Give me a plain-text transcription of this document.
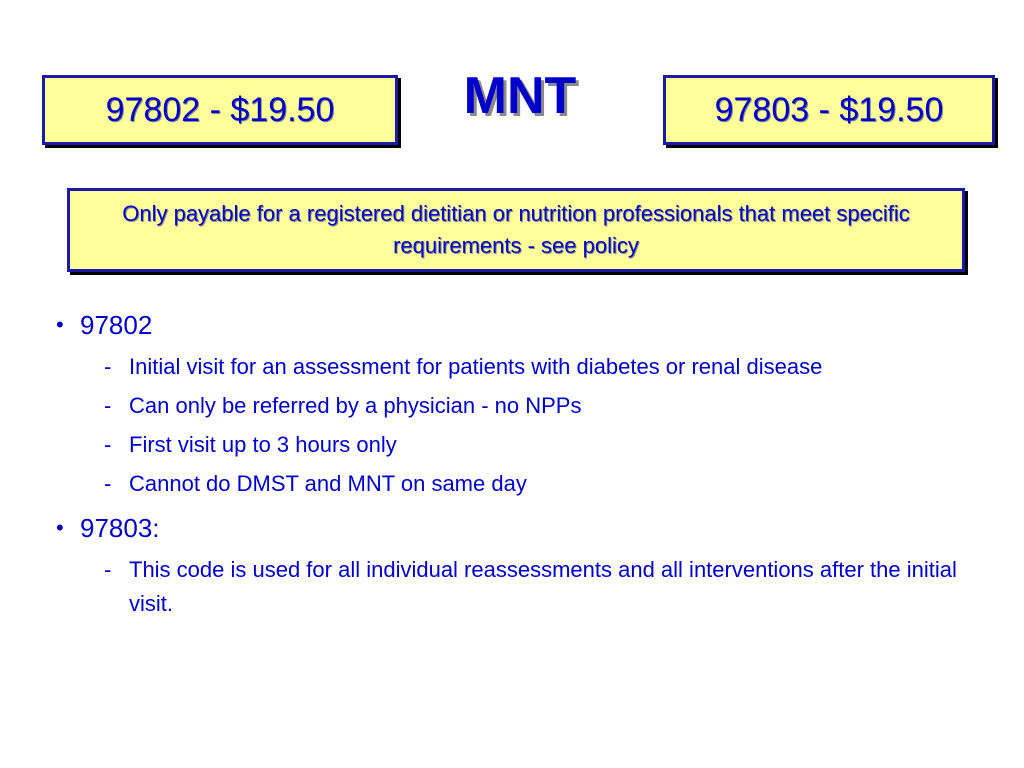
97802 - $19.50	MNT	97803 - $19.50
Only payable for a registered dietitian or nutrition professionals that meet specific requirements - see policy

• 97802

- Initial visit for an assessment for patients with diabetes or renal disease
- Can only be referred by a physician - no NPPs
- First visit up to 3 hours only
- Cannot do DMST and MNT on same day

• 97803:

- This code is used for all individual reassessments and all interventions after the initial visit.
